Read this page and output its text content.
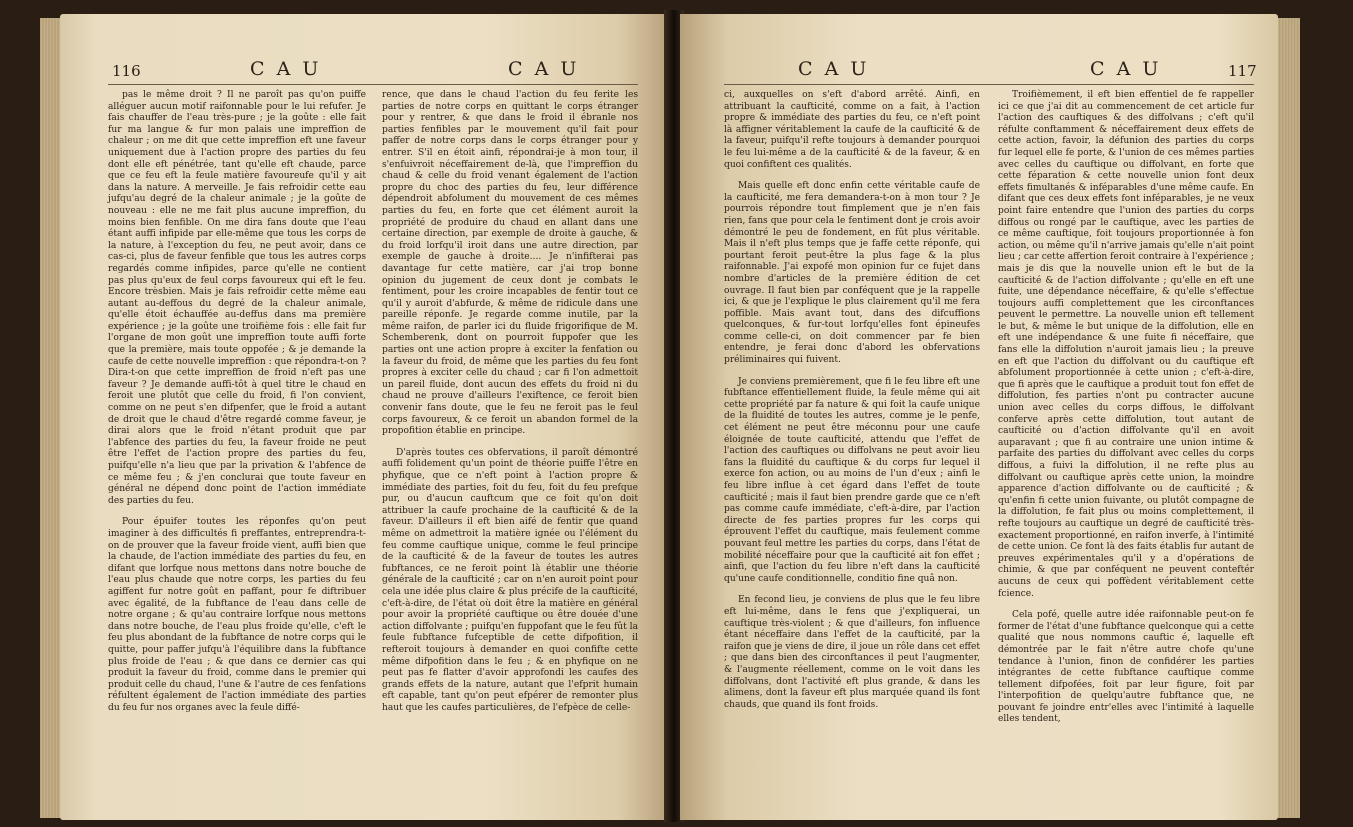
116	C A U	C A U

pas le même droit ? Il ne paroît pas qu'on puiffe alléguer aucun motif raifonnable pour le lui refufer. Je fais chauffer de l'eau très-pure ; je la goûte : elle fait fur ma langue & fur mon palais une impreffion de chaleur ; on me dit que cette impreffion eft une faveur uniquement due à l'action propre des parties du feu dont elle eft pénétrée, tant qu'elle eft chaude, parce que ce feu eft la feule matière favoureufe qu'il y ait dans la nature. A merveille. Je fais refroidir cette eau jufqu'au degré de la chaleur animale ; je la goûte de nouveau : elle ne me fait plus aucune impreffion, du moins bien fenfible. On me dira fans doute que l'eau étant auffi infipide par elle-même que tous les corps de la nature, à l'exception du feu, ne peut avoir, dans ce cas-ci, plus de faveur fenfible que tous les autres corps regardés comme infipides, parce qu'elle ne contient pas plus qu'eux de feul corps favoureux qui eft le feu. Encore trèsbien. Mais je fais refroidir cette même eau autant au-deffous du degré de la chaleur animale, qu'elle étoit échauffée au-deffus dans ma première expérience ; je la goûte une troifième fois : elle fait fur l'organe de mon goût une impreffion toute auffi forte que la première, mais toute oppofée ; & je demande la caufe de cette nouvelle impreffion : que répondra-t-on ? Dira-t-on que cette impreffion de froid n'eft pas une faveur ? Je demande auffi-tôt à quel titre le chaud en feroit une plutôt que celle du froid, fi l'on convient, comme on ne peut s'en difpenfer, que le froid a autant de droit que le chaud d'être regardé comme faveur, je dirai alors que le froid n'étant produit que par l'abfence des parties du feu, la faveur froide ne peut être l'effet de l'action propre des parties du feu, puifqu'elle n'a lieu que par la privation & l'abfence de ce même feu ; & j'en conclurai que toute faveur en général ne dépend donc point de l'action immédiate des parties du feu.

Pour épuifer toutes les réponfes qu'on peut imaginer à des difficultés fi preffantes, entreprendra-t-on de prouver que la faveur froide vient, auffi bien que la chaude, de l'action immédiate des parties du feu, en difant que lorfque nous mettons dans notre bouche de l'eau plus chaude que notre corps, les parties du feu agiffent fur notre goût en paffant, pour fe diftribuer avec égalité, de la fubftance de l'eau dans celle de notre organe ; & qu'au contraire lorfque nous mettons dans notre bouche, de l'eau plus froide qu'elle, c'eft le feu plus abondant de la fubftance de notre corps qui le quitte, pour paffer jufqu'à l'équilibre dans la fubftance plus froide de l'eau ; & que dans ce dernier cas qui produit la faveur du froid, comme dans le premier qui produit celle du chaud, l'une & l'autre de ces fenfations réfultent également de l'action immédiate des parties du feu fur nos organes avec la feule diffé-

rence, que dans le chaud l'action du feu ferite les parties de notre corps en quittant le corps étranger pour y rentrer, & que dans le froid il ébranle nos parties fenfibles par le mouvement qu'il fait pour paffer de notre corps dans le corps étranger pour y entrer. S'il en étoit ainfi, répondrai-je à mon tour, il s'enfuivroit néceffairement de-là, que l'impreffion du chaud & celle du froid venant également de l'action propre du choc des parties du feu, leur différence dépendroit abfolument du mouvement de ces mêmes parties du feu, en forte que cet élément auroit la propriété de produire du chaud en allant dans une certaine direction, par exemple de droite à gauche, & du froid lorfqu'il iroit dans une autre direction, par exemple de gauche à droite.... Je n'infifterai pas davantage fur cette matière, car j'ai trop bonne opinion du jugement de ceux dont je combats le fentiment, pour les croire incapables de fentir tout ce qu'il y auroit d'abfurde, & même de ridicule dans une pareille réponfe. Je regarde comme inutile, par la même raifon, de parler ici du fluide frigorifique de M. Schemberenk, dont on pourroit fuppofer que les parties ont une action propre à exciter la fenfation ou la faveur du froid, de même que les parties du feu font propres à exciter celle du chaud ; car fi l'on admettoit un pareil fluide, dont aucun des effets du froid ni du chaud ne prouve d'ailleurs l'exiftence, ce feroit bien convenir fans doute, que le feu ne feroit pas le feul corps favoureux, & ce feroit un abandon formel de la propofition établie en principe.

D'après toutes ces obfervations, il paroît démontré auffi folidement qu'un point de théorie puiffe l'être en phyfique, que ce n'eft point à l'action propre & immédiate des parties, foit du feu, foit du feu prefque pur, ou d'aucun cauftcum que ce foit qu'on doit attribuer la caufe prochaine de la caufticité & de la faveur. D'ailleurs il eft bien aifé de fentir que quand même on admettroit la matière ignée ou l'élément du feu comme cauftique unique, comme le feul principe de la caufticité & de la faveur de toutes les autres fubftances, ce ne feroit point là établir une théorie générale de la caufticité ; car on n'en auroit point pour cela une idée plus claire & plus précife de la caufticité, c'eft-à-dire, de l'état où doit être la matière en général pour avoir la propriété cauftique ou être douée d'une action diffolvante ; puifqu'en fuppofant que le feu fût la feule fubftance fufceptible de cette difpofition, il refteroit toujours à demander en quoi confifte cette même difpofition dans le feu ; & en phyfique on ne peut pas fe flatter d'avoir approfondi les caufes des grands effets de la nature, autant que l'efprit humain eft capable, tant qu'on peut efpérer de remonter plus haut que les caufes particulières, de l'efpèce de celle-

C A U	C A U	117

ci, auxquelles on s'eft d'abord arrêté. Ainfi, en attribuant la caufticité, comme on a fait, à l'action propre & immédiate des parties du feu, ce n'eft point là affigner véritablement la caufe de la caufticité & de la faveur, puifqu'il refte toujours à demander pourquoi le feu lui-même a de la caufticité & de la faveur, & en quoi confiftent ces qualités.

Mais quelle eft donc enfin cette véritable caufe de la caufticité, me fera demandera-t-on à mon tour ? Je pourrois répondre tout fimplement que je n'en fais rien, fans que pour cela le fentiment dont je crois avoir démontré le peu de fondement, en fût plus véritable. Mais il n'eft plus temps que je faffe cette réponfe, qui pourtant feroit peut-être la plus fage & la plus raifonnable. J'ai expofé mon opinion fur ce fujet dans nombre d'articles de la première édition de cet ouvrage. Il faut bien par conféquent que je la rappelle ici, & que je l'explique le plus clairement qu'il me fera poffible. Mais avant tout, dans des difcuffions quelconques, & fur-tout lorfqu'elles font épineufes comme celle-ci, on doit commencer par fe bien entendre, je ferai donc d'abord les obfervations préliminaires qui fuivent.

Je conviens premièrement, que fi le feu libre eft une fubftance effentiellement fluide, la feule même qui ait cette propriété par fa nature & qui foit la caufe unique de la fluidité de toutes les autres, comme je le penfe, cet élément ne peut être méconnu pour une caufe éloignée de toute caufticité, attendu que l'effet de l'action des cauftiques ou diffolvans ne peut avoir lieu fans la fluidité du cauftique & du corps fur lequel il exerce fon action, ou au moins de l'un d'eux ; ainfi le feu libre influe à cet égard dans l'effet de toute caufticité ; mais il faut bien prendre garde que ce n'eft pas comme caufe immédiate, c'eft-à-dire, par l'action directe de fes parties propres fur les corps qui éprouvent l'effet du cauftique, mais feulement comme pouvant feul mettre les parties du corps, dans l'état de mobilité néceffaire pour que la caufticité ait fon effet ; ainfi, que l'action du feu libre n'eft dans la caufticité qu'une caufe conditionnelle, conditio fine quâ non.

En fecond lieu, je conviens de plus que le feu libre eft lui-même, dans le fens que j'expliquerai, un cauftique très-violent ; & que d'ailleurs, fon influence étant néceffaire dans l'effet de la caufticité, par la raifon que je viens de dire, il joue un rôle dans cet effet ; que dans bien des circonftances il peut l'augmenter, & l'augmente réellement, comme on le voit dans les diffolvans, dont l'activité eft plus grande, & dans les alimens, dont la faveur eft plus marquée quand ils font chauds, que quand ils font froids.

Troifièmement, il eft bien effentiel de fe rappeller ici ce que j'ai dit au commencement de cet article fur l'action des cauftiques & des diffolvans ; c'eft qu'il réfulte conftamment & néceffairement deux effets de cette action, favoir, la défunion des parties du corps fur lequel elle fe porte, & l'union de ces mêmes parties avec celles du cauftique ou diffolvant, en forte que cette féparation & cette nouvelle union font deux effets fimultanés & inféparables d'une même caufe. En difant que ces deux effets font inféparables, je ne veux point faire entendre que l'union des parties du corps diffous ou rongé par le cauftique, avec les parties de ce même cauftique, foit toujours proportionnée à fon action, ou même qu'il n'arrive jamais qu'elle n'ait point lieu ; car cette affertion feroit contraire à l'expérience ; mais je dis que la nouvelle union eft le but de la caufticité & de l'action diffolvante ; qu'elle en eft une fuite, une dépendance néceffaire, & qu'elle s'effectue toujours auffi complettement que les circonftances peuvent le permettre. La nouvelle union eft tellement le but, & même le but unique de la diffolution, elle en eft une indépendance & une fuite fi néceffaire, que fans elle la diffolution n'auroit jamais lieu ; la preuve en eft que l'action du diffolvant ou du cauftique eft abfolument proportionnée à cette union ; c'eft-à-dire, que fi après que le cauftique a produit tout fon effet de diffolution, fes parties n'ont pu contracter aucune union avec celles du corps diffous, le diffolvant conferve après cette diffolution, tout autant de caufticité ou d'action diffolvante qu'il en avoit auparavant ; que fi au contraire une union intime & parfaite des parties du diffolvant avec celles du corps diffous, a fuivi la diffolution, il ne refte plus au diffolvant ou cauftique après cette union, la moindre apparence d'action diffolvante ou de caufticité ; & qu'enfin fi cette union fuivante, ou plutôt compagne de la diffolution, fe fait plus ou moins complettement, il refte toujours au cauftique un degré de caufticité très-exactement proportionné, en raifon inverfe, à l'intimité de cette union. Ce font là des faits établis fur autant de preuves expérimentales qu'il y a d'opérations de chimie, & que par conféquent ne peuvent conteftér aucuns de ceux qui poffèdent véritablement cette fcience.

Cela pofé, quelle autre idée raifonnable peut-on fe former de l'état d'une fubftance quelconque qui a cette qualité que nous nommons cauftic é, laquelle eft démontrée par le fait n'être autre chofe qu'une tendance à l'union, finon de confidérer les parties intégrantes de cette fubftance cauftique comme tellement difpofées, foit par leur figure, foit par l'interpofition de quelqu'autre fubftance que, ne pouvant fe joindre entr'elles avec l'intimité à laquelle elles tendent,
